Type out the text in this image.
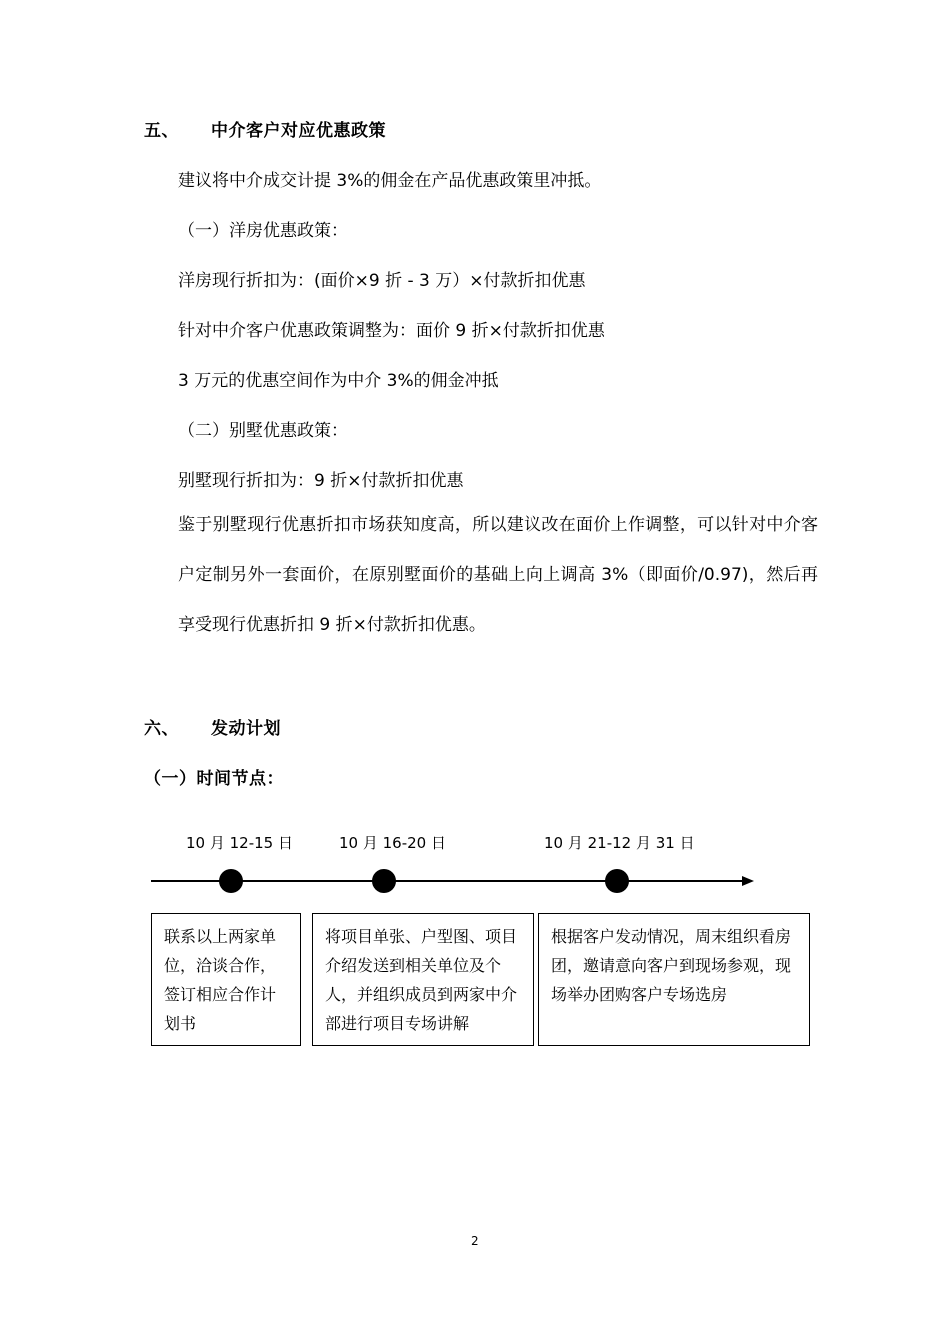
五、 中介客户对应优惠政策
建议将中介成交计提 3%的佣金在产品优惠政策里冲抵。
（一）洋房优惠政策：
洋房现行折扣为：(面价×9 折 - 3 万）×付款折扣优惠
针对中介客户优惠政策调整为：面价 9 折×付款折扣优惠
3 万元的优惠空间作为中介 3%的佣金冲抵
（二）别墅优惠政策：
别墅现行折扣为：9 折×付款折扣优惠
鉴于别墅现行优惠折扣市场获知度高，所以建议改在面价上作调整，可以针对中介客户定制另外一套面价，在原别墅面价的基础上向上调高 3%（即面价/0.97)，然后再享受现行优惠折扣 9 折×付款折扣优惠。
六、 发动计划
（一）时间节点：
10 月 12-15 日	10 月 16-20 日	10 月 21-12 月 31 日
联系以上两家单位，洽谈合作，签订相应合作计划书
将项目单张、户型图、项目介绍发送到相关单位及个人，并组织成员到两家中介部进行项目专场讲解
根据客户发动情况，周末组织看房团，邀请意向客户到现场参观，现场举办团购客户专场选房
2
